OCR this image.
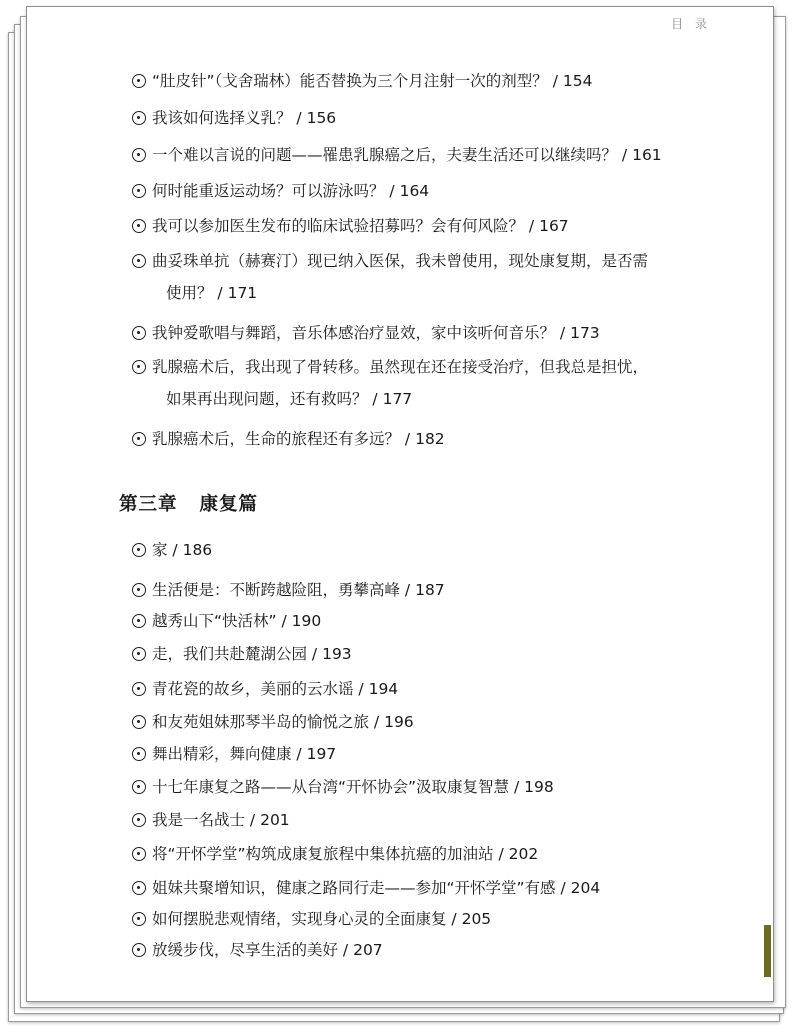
目 录
“肚皮针”（戈舍瑞林）能否替换为三个月注射一次的剂型？ / 154
我该如何选择义乳？ / 156
一个难以言说的问题——罹患乳腺癌之后，夫妻生活还可以继续吗？ / 161
何时能重返运动场？可以游泳吗？ / 164
我可以参加医生发布的临床试验招募吗？会有何风险？ / 167
曲妥珠单抗（赫赛汀）现已纳入医保，我未曾使用，现处康复期，是否需
使用？ / 171
我钟爱歌唱与舞蹈，音乐体感治疗显效，家中该听何音乐？ / 173
乳腺癌术后，我出现了骨转移。虽然现在还在接受治疗，但我总是担忧，
如果再出现问题，还有救吗？ / 177
乳腺癌术后，生命的旅程还有多远？ / 182
第三章 康复篇
家 / 186
生活便是：不断跨越险阻，勇攀高峰 / 187
越秀山下“快活林” / 190
走，我们共赴麓湖公园 / 193
青花瓷的故乡，美丽的云水谣 / 194
和友苑姐妹那琴半岛的愉悦之旅 / 196
舞出精彩，舞向健康 / 197
十七年康复之路——从台湾“开怀协会”汲取康复智慧 / 198
我是一名战士 / 201
将“开怀学堂”构筑成康复旅程中集体抗癌的加油站 / 202
姐妹共聚增知识，健康之路同行走——参加“开怀学堂”有感 / 204
如何摆脱悲观情绪，实现身心灵的全面康复 / 205
放缓步伐，尽享生活的美好 / 207
